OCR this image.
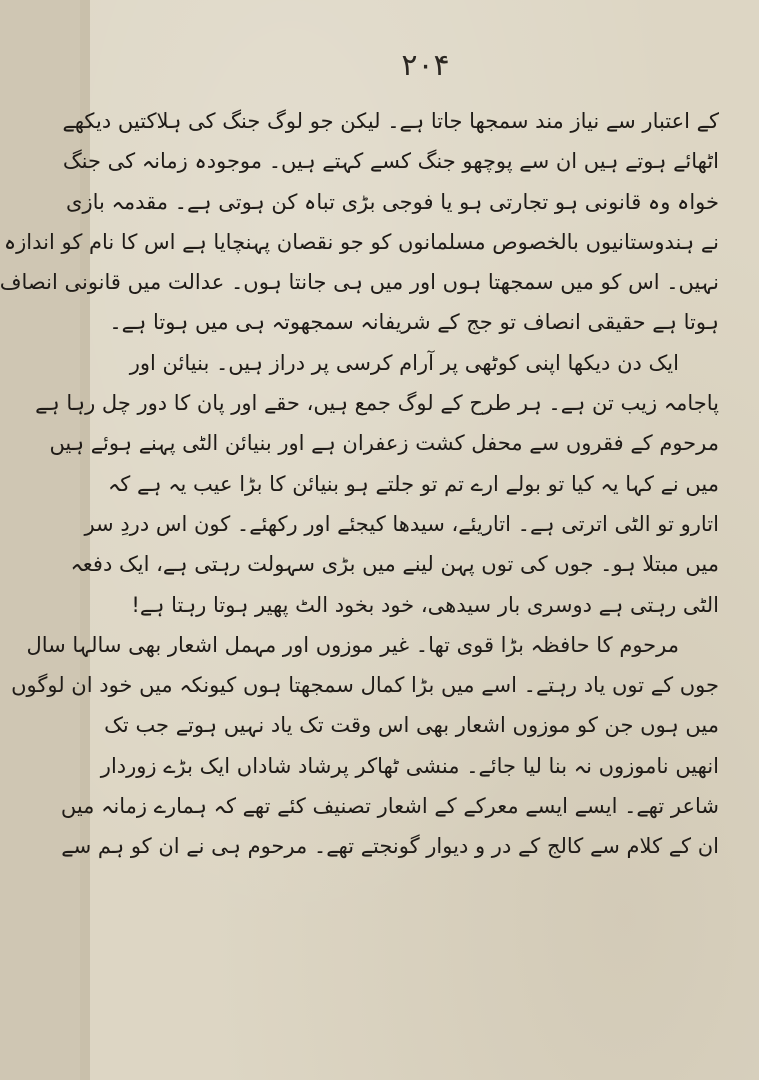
۲۰۴
کے اعتبار سے نیاز مند سمجھا جاتا ہے۔ لیکن جو لوگ جنگ کی ہلاکتیں دیکھے
اٹھائے ہوتے ہیں ان سے پوچھو جنگ کسے کہتے ہیں۔ موجودہ زمانہ کی جنگ
خواہ وہ قانونی ہو تجارتی ہو یا فوجی بڑی تباہ کن ہوتی ہے۔ مقدمہ بازی
نے ہندوستانیوں بالخصوص مسلمانوں کو جو نقصان پہنچایا ہے اس کا نام کو اندازہ
نہیں۔ اس کو میں سمجھتا ہوں اور میں ہی جانتا ہوں۔ عدالت میں قانونی انصاف
ہوتا ہے حقیقی انصاف تو جج کے شریفانہ سمجھوتہ ہی میں ہوتا ہے۔
ایک دن دیکھا اپنی کوٹھی پر آرام کرسی پر دراز ہیں۔ بنیائن اور
پاجامہ زیب تن ہے۔ ہر طرح کے لوگ جمع ہیں، حقے اور پان کا دور چل رہا ہے
مرحوم کے فقروں سے محفل کشت زعفران ہے اور بنیائن الٹی پہنے ہوئے ہیں
میں نے کہا یہ کیا تو بولے ارے تم تو جلتے ہو بنیائن کا بڑا عیب یہ ہے کہ
اتارو تو الٹی اترتی ہے۔ اتاریئے، سیدھا کیجئے اور رکھئے۔ کون اس دردِ سر
میں مبتلا ہو۔ جوں کی توں پہن لینے میں بڑی سہولت رہتی ہے، ایک دفعہ
الٹی رہتی ہے دوسری بار سیدھی، خود بخود الٹ پھیر ہوتا رہتا ہے!
مرحوم کا حافظہ بڑا قوی تھا۔ غیر موزوں اور مہمل اشعار بھی سالہا سال
جوں کے توں یاد رہتے۔ اسے میں بڑا کمال سمجھتا ہوں کیونکہ میں خود ان لوگوں
میں ہوں جن کو موزوں اشعار بھی اس وقت تک یاد نہیں ہوتے جب تک
انھیں ناموزوں نہ بنا لیا جائے۔ منشی ٹھاکر پرشاد شاداں ایک بڑے زوردار
شاعر تھے۔ ایسے ایسے معرکے کے اشعار تصنیف کئے تھے کہ ہمارے زمانہ میں
ان کے کلام سے کالج کے در و دیوار گونجتے تھے۔ مرحوم ہی نے ان کو ہم سے
